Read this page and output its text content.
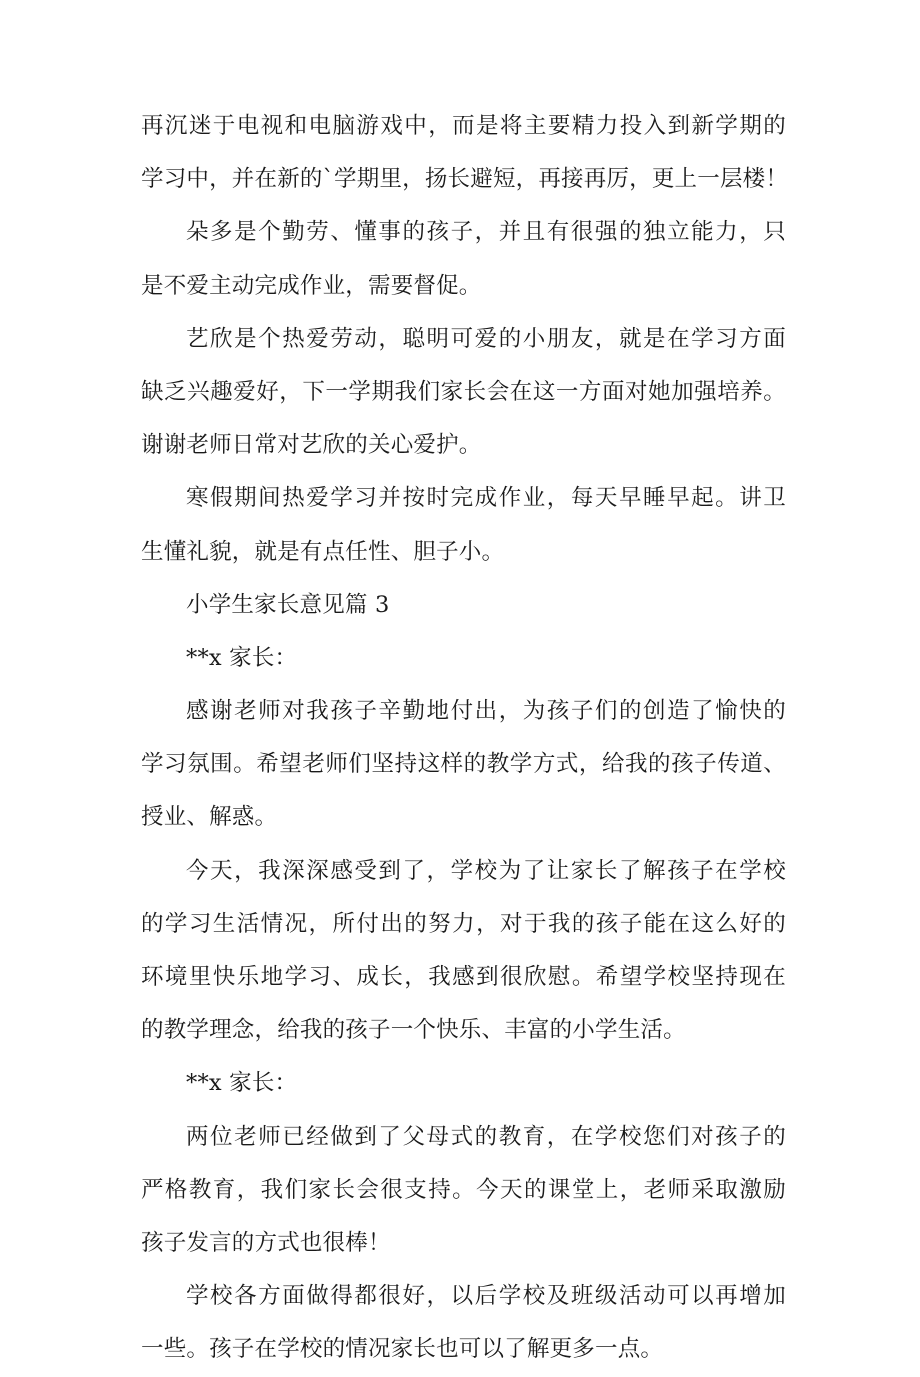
zixin.com.cn
再沉迷于电视和电脑游戏中，而是将主要精力投入到新学期的
学习中，并在新的`学期里，扬长避短，再接再厉，更上一层楼！
朵多是个勤劳、懂事的孩子，并且有很强的独立能力，只
是不爱主动完成作业，需要督促。
艺欣是个热爱劳动，聪明可爱的小朋友，就是在学习方面
缺乏兴趣爱好，下一学期我们家长会在这一方面对她加强培养。
谢谢老师日常对艺欣的关心爱护。
寒假期间热爱学习并按时完成作业，每天早睡早起。讲卫
生懂礼貌，就是有点任性、胆子小。
小学生家长意见篇 3
**x 家长：
感谢老师对我孩子辛勤地付出，为孩子们的创造了愉快的
学习氛围。希望老师们坚持这样的教学方式，给我的孩子传道、
授业、解惑。
今天，我深深感受到了，学校为了让家长了解孩子在学校
的学习生活情况，所付出的努力，对于我的孩子能在这么好的
环境里快乐地学习、成长，我感到很欣慰。希望学校坚持现在
的教学理念，给我的孩子一个快乐、丰富的小学生活。
**x 家长：
两位老师已经做到了父母式的教育，在学校您们对孩子的
严格教育，我们家长会很支持。今天的课堂上，老师采取激励
孩子发言的方式也很棒！
学校各方面做得都很好，以后学校及班级活动可以再增加
一些。孩子在学校的情况家长也可以了解更多一点。
